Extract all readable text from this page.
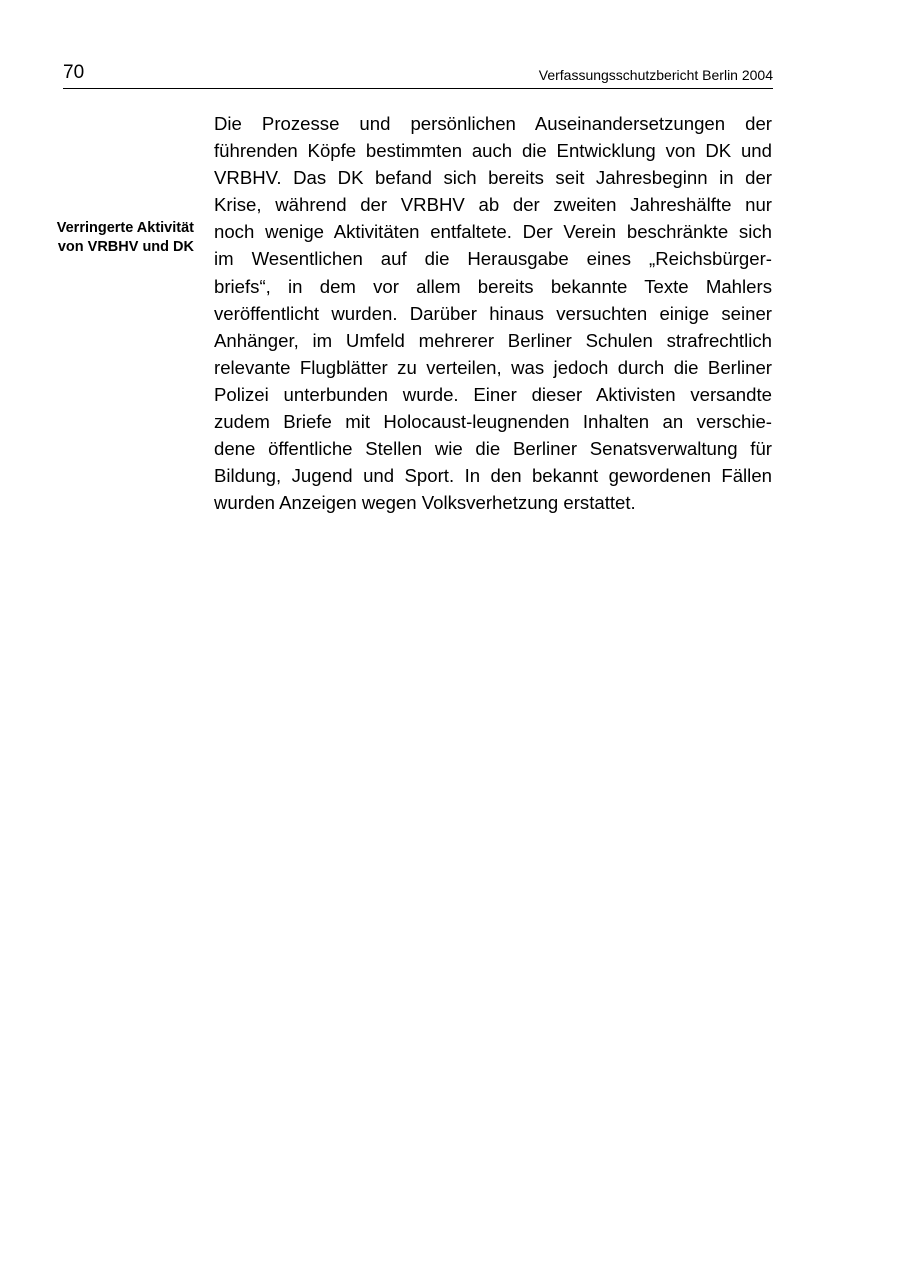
70	Verfassungsschutzbericht Berlin 2004
Verringerte Aktivität
von VRBHV und DK
Die Prozesse und persönlichen Auseinandersetzungen der
führenden Köpfe bestimmten auch die Entwicklung von DK und
VRBHV. Das DK befand sich bereits seit Jahresbeginn in der
Krise, während der VRBHV ab der zweiten Jahreshälfte nur
noch wenige Aktivitäten entfaltete. Der Verein beschränkte sich
im Wesentlichen auf die Herausgabe eines „Reichsbürger-
briefs“, in dem vor allem bereits bekannte Texte Mahlers
veröffentlicht wurden. Darüber hinaus versuchten einige seiner
Anhänger, im Umfeld mehrerer Berliner Schulen strafrechtlich
relevante Flugblätter zu verteilen, was jedoch durch die Berliner
Polizei unterbunden wurde. Einer dieser Aktivisten versandte
zudem Briefe mit Holocaust-leugnenden Inhalten an verschie-
dene öffentliche Stellen wie die Berliner Senatsverwaltung für
Bildung, Jugend und Sport. In den bekannt gewordenen Fällen
wurden Anzeigen wegen Volksverhetzung erstattet.
